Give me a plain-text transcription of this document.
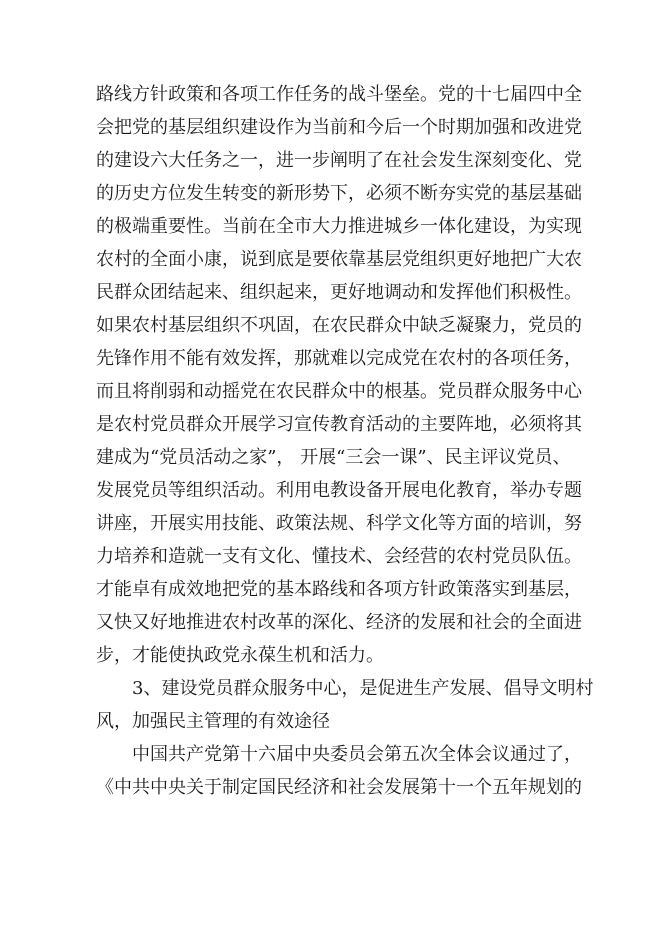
路线方针政策和各项工作任务的战斗堡垒。党的十七届四中全
会把党的基层组织建设作为当前和今后一个时期加强和改进党
的建设六大任务之一，进一步阐明了在社会发生深刻变化、党
的历史方位发生转变的新形势下，必须不断夯实党的基层基础
的极端重要性。当前在全市大力推进城乡一体化建设，为实现
农村的全面小康，说到底是要依靠基层党组织更好地把广大农
民群众团结起来、组织起来，更好地调动和发挥他们积极性。
如果农村基层组织不巩固，在农民群众中缺乏凝聚力，党员的
先锋作用不能有效发挥，那就难以完成党在农村的各项任务，
而且将削弱和动摇党在农民群众中的根基。党员群众服务中心
是农村党员群众开展学习宣传教育活动的主要阵地，必须将其
建成为“党员活动之家”， 开展“三会一课”、民主评议党员、
发展党员等组织活动。利用电教设备开展电化教育，举办专题
讲座，开展实用技能、政策法规、科学文化等方面的培训，努
力培养和造就一支有文化、懂技术、会经营的农村党员队伍。
才能卓有成效地把党的基本路线和各项方针政策落实到基层，
又快又好地推进农村改革的深化、经济的发展和社会的全面进
步，才能使执政党永葆生机和活力。
3、建设党员群众服务中心，是促进生产发展、倡导文明村
风，加强民主管理的有效途径
中国共产党第十六届中央委员会第五次全体会议通过了，
《中共中央关于制定国民经济和社会发展第十一个五年规划的
